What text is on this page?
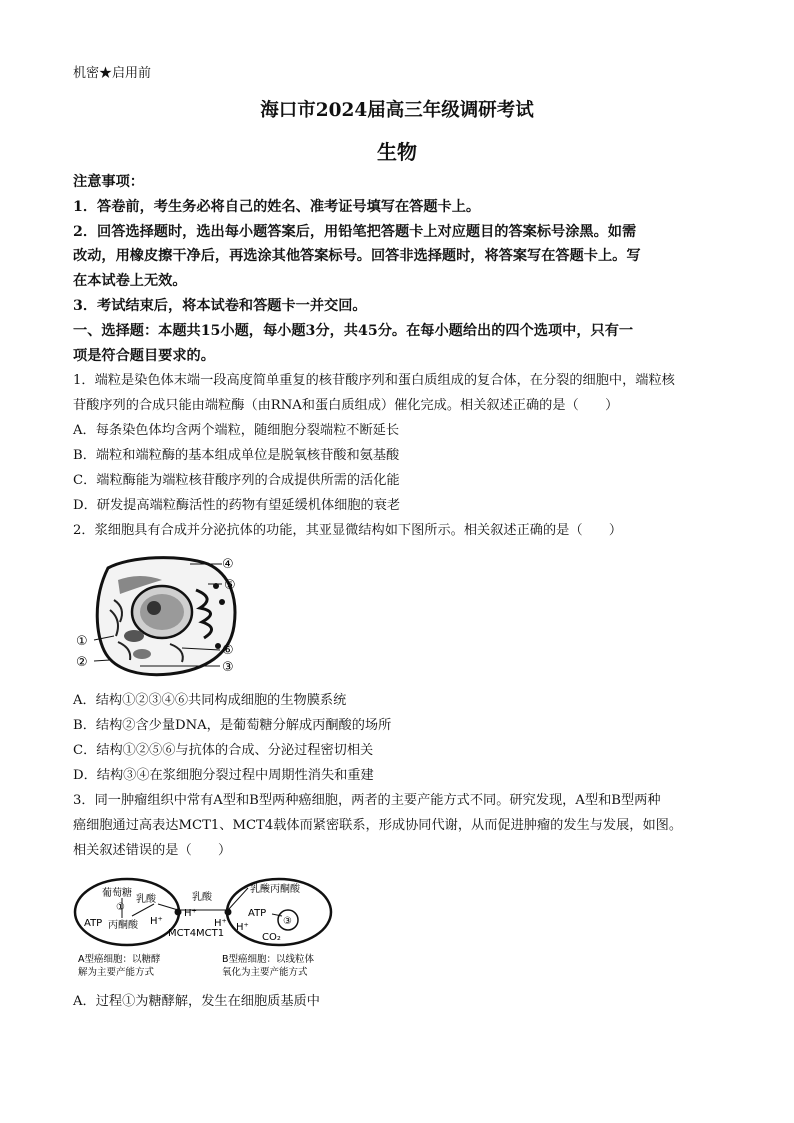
机密★启用前
海口市2024届高三年级调研考试
生物
注意事项：
1．答卷前，考生务必将自己的姓名、准考证号填写在答题卡上。
2．回答选择题时，选出每小题答案后，用铅笔把答题卡上对应题目的答案标号涂黑。如需
改动，用橡皮擦干净后，再选涂其他答案标号。回答非选择题时，将答案写在答题卡上。写
在本试卷上无效。
3．考试结束后，将本试卷和答题卡一并交回。
一、选择题：本题共15小题，每小题3分，共45分。在每小题给出的四个选项中，只有一
项是符合题目要求的。
1．端粒是染色体末端一段高度简单重复的核苷酸序列和蛋白质组成的复合体，在分裂的细胞中，端粒核
苷酸序列的合成只能由端粒酶（由RNA和蛋白质组成）催化完成。相关叙述正确的是（　　）
A．每条染色体均含两个端粒，随细胞分裂端粒不断延长
B．端粒和端粒酶的基本组成单位是脱氧核苷酸和氨基酸
C．端粒酶能为端粒核苷酸序列的合成提供所需的活化能
D．研发提高端粒酶活性的药物有望延缓机体细胞的衰老
2．浆细胞具有合成并分泌抗体的功能，其亚显微结构如下图所示。相关叙述正确的是（　　）
④
⑤
①
⑥
②	③
A．结构①②③④⑥共同构成细胞的生物膜系统
B．结构②含少量DNA，是葡萄糖分解成丙酮酸的场所
C．结构①②⑤⑥与抗体的合成、分泌过程密切相关
D．结构③④在浆细胞分裂过程中周期性消失和重建
3．同一肿瘤组织中常有A型和B型两种癌细胞，两者的主要产能方式不同。研究发现，A型和B型两种
癌细胞通过高表达MCT1、MCT4载体而紧密联系，形成协同代谢，从而促进肿瘤的发生与发展，如图。
相关叙述错误的是（　　）
葡萄糖
①
ATP 丙酮酸
乳酸
H⁺
乳酸
H⁺
H⁺
MCT4 MCT1
乳酸 丙酮酸
ATP
③
CO₂
H⁺
A型癌细胞：以糖酵
解为主要产能方式
B型癌细胞：以线粒体
氧化为主要产能方式
A．过程①为糖酵解，发生在细胞质基质中
